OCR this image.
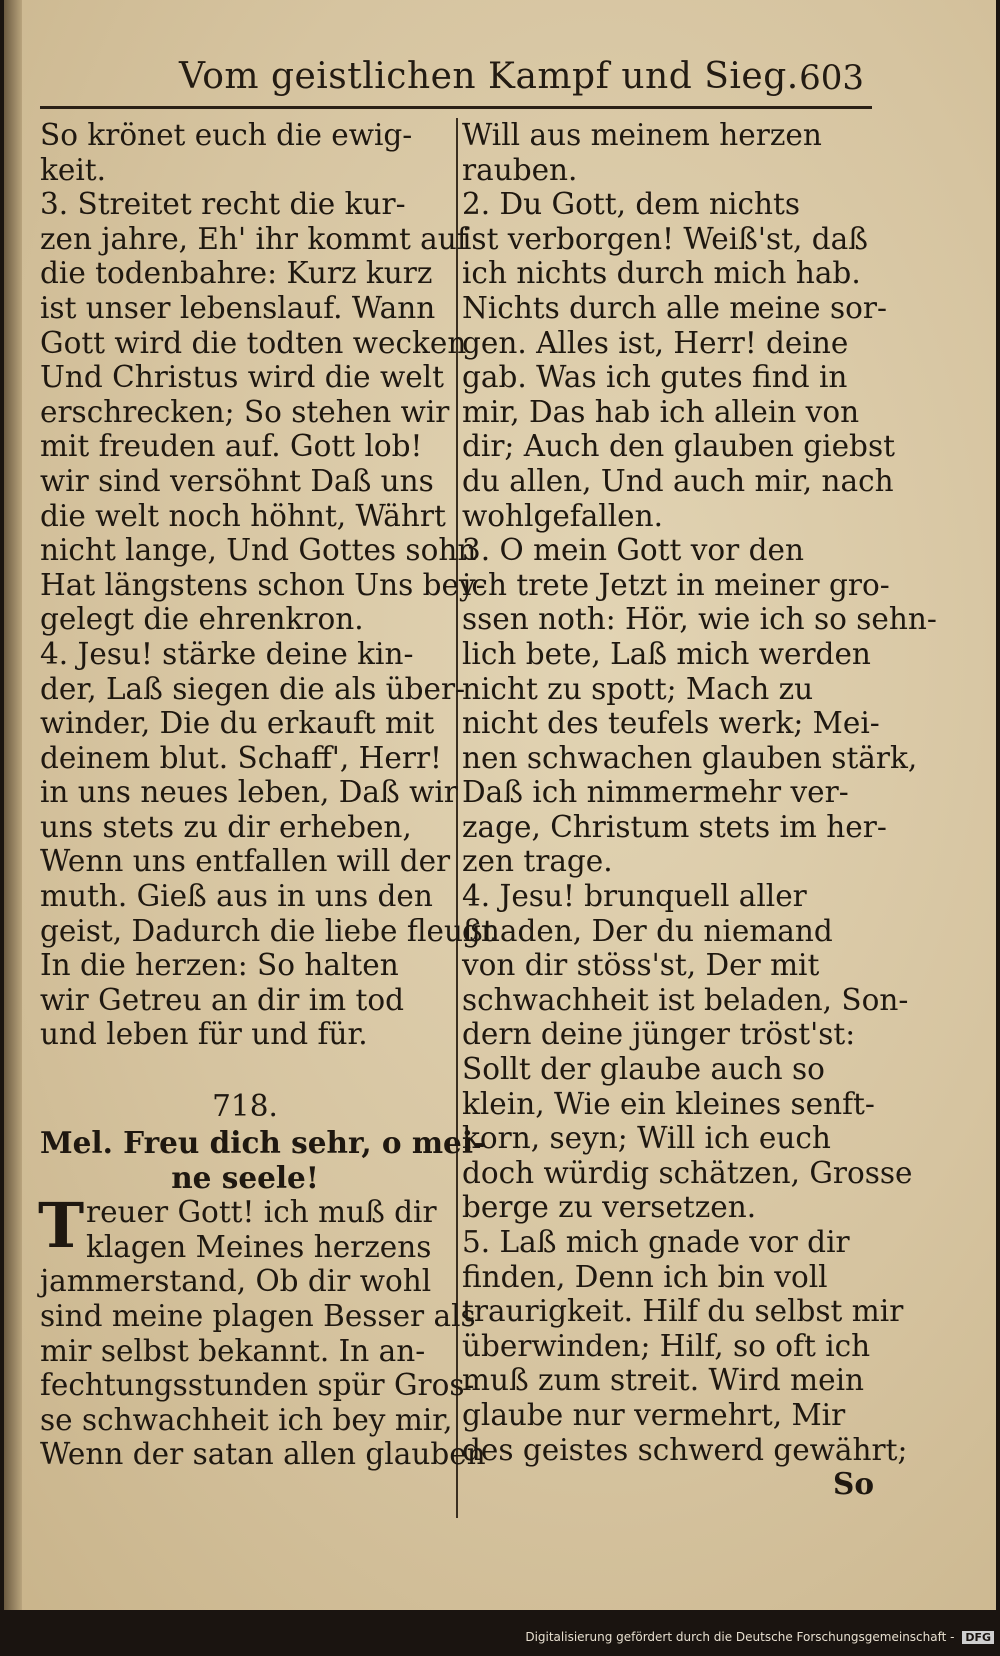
Vom geistlichen Kampf und Sieg. 603
So krönet euch die ewig-
keit.
3. Streitet recht die kur-
zen jahre, Eh' ihr kommt auf
die todenbahre: Kurz kurz
ist unser lebenslauf. Wann
Gott wird die todten wecken
Und Christus wird die welt
erschrecken; So stehen wir
mit freuden auf. Gott lob!
wir sind versöhnt Daß uns
die welt noch höhnt, Währt
nicht lange, Und Gottes sohn
Hat längstens schon Uns bey-
gelegt die ehrenkron.
4. Jesu! stärke deine kin-
der, Laß siegen die als über-
winder, Die du erkauft mit
deinem blut. Schaff', Herr!
in uns neues leben, Daß wir
uns stets zu dir erheben,
Wenn uns entfallen will der
muth. Gieß aus in uns den
geist, Dadurch die liebe fleußt
In die herzen: So halten
wir Getreu an dir im tod
und leben für und für.
718.
Mel. Freu dich sehr, o mei-
ne seele!
T reuer Gott! ich muß dir
klagen Meines herzens
jammerstand, Ob dir wohl
sind meine plagen Besser als
mir selbst bekannt. In an-
fechtungsstunden spür Gros-
se schwachheit ich bey mir,
Wenn der satan allen glauben
Will aus meinem herzen
rauben.
2. Du Gott, dem nichts
ist verborgen! Weiß'st, daß
ich nichts durch mich hab.
Nichts durch alle meine sor-
gen. Alles ist, Herr! deine
gab. Was ich gutes find in
mir, Das hab ich allein von
dir; Auch den glauben giebst
du allen, Und auch mir, nach
wohlgefallen.
3. O mein Gott vor den
ich trete Jetzt in meiner gro-
ssen noth: Hör, wie ich so sehn-
lich bete, Laß mich werden
nicht zu spott; Mach zu
nicht des teufels werk; Mei-
nen schwachen glauben stärk,
Daß ich nimmermehr ver-
zage, Christum stets im her-
zen trage.
4. Jesu! brunquell aller
gnaden, Der du niemand
von dir stöss'st, Der mit
schwachheit ist beladen, Son-
dern deine jünger tröst'st:
Sollt der glaube auch so
klein, Wie ein kleines senft-
korn, seyn; Will ich euch
doch würdig schätzen, Grosse
berge zu versetzen.
5. Laß mich gnade vor dir
finden, Denn ich bin voll
traurigkeit. Hilf du selbst mir
überwinden; Hilf, so oft ich
muß zum streit. Wird mein
glaube nur vermehrt, Mir
des geistes schwerd gewährt;
So
Digitalisierung gefördert durch die Deutsche Forschungsgemeinschaft - DFG
